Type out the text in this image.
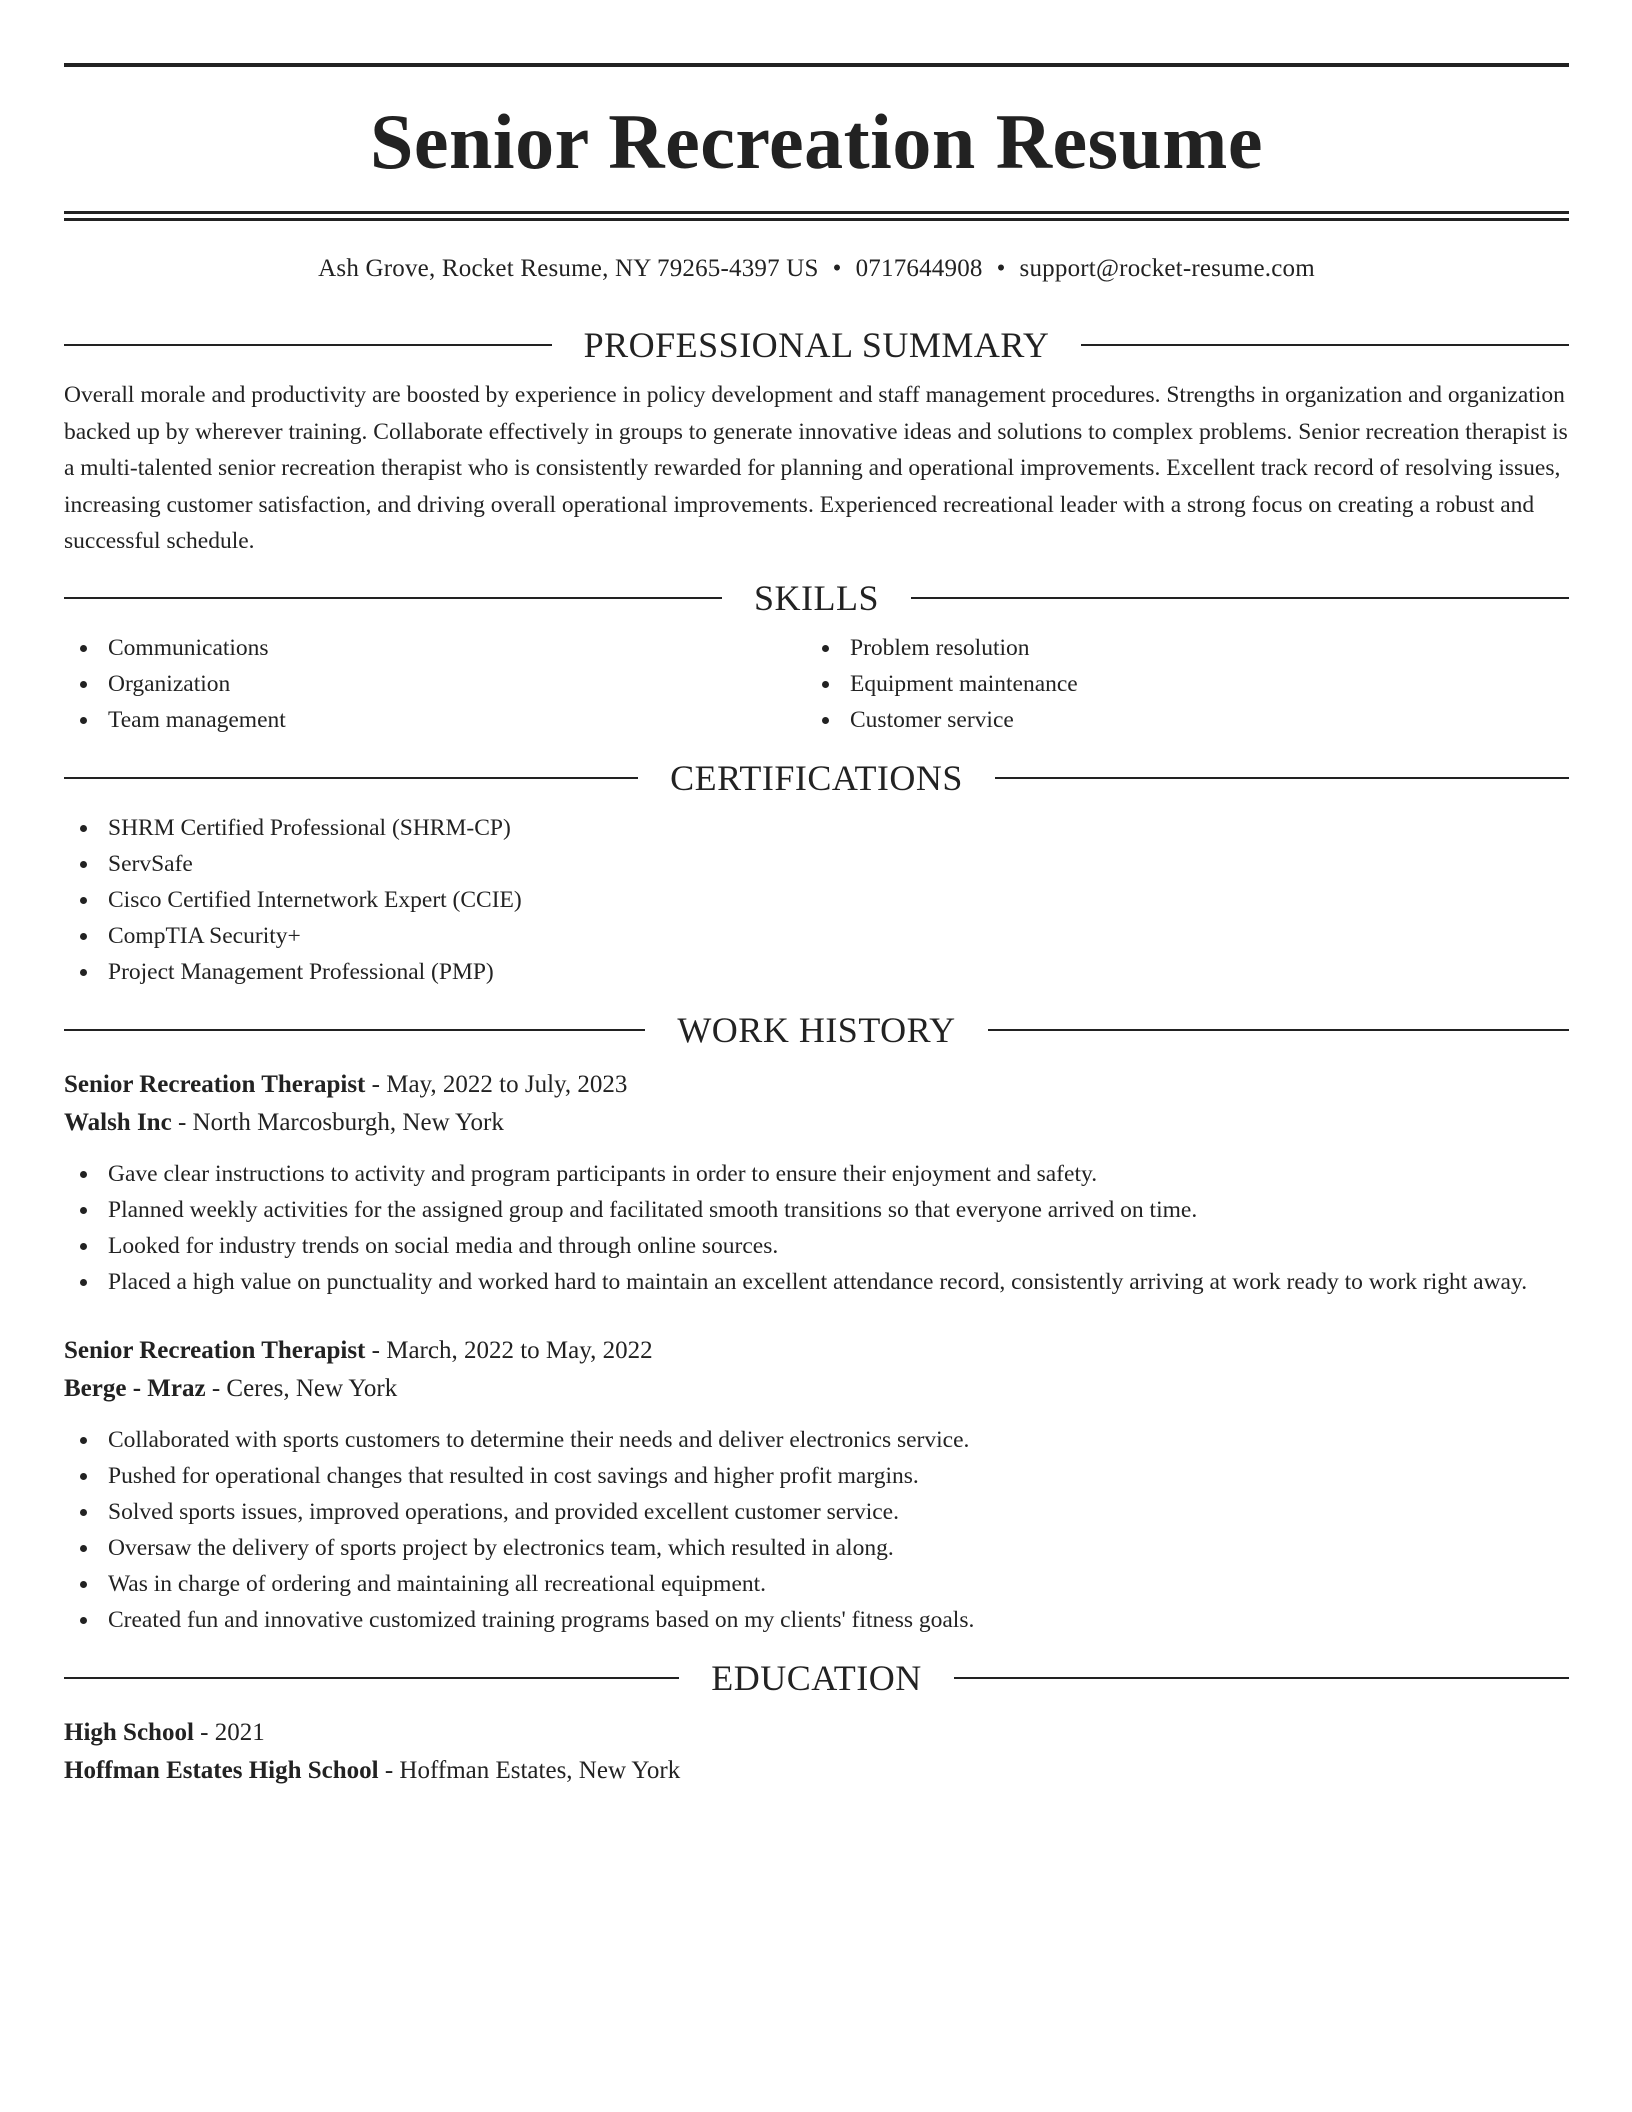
Senior Recreation Resume
Ash Grove, Rocket Resume, NY 79265-4397 US • 0717644908 • support@rocket-resume.com
PROFESSIONAL SUMMARY

Overall morale and productivity are boosted by experience in policy development and staff management procedures. Strengths in organization and organization backed up by wherever training. Collaborate effectively in groups to generate innovative ideas and solutions to complex problems. Senior recreation therapist is a multi-talented senior recreation therapist who is consistently rewarded for planning and operational improvements. Excellent track record of resolving issues, increasing customer satisfaction, and driving overall operational improvements. Experienced recreational leader with a strong focus on creating a robust and successful schedule.

SKILLS
Communications
Organization
Team management
Problem resolution
Equipment maintenance
Customer service
CERTIFICATIONS
SHRM Certified Professional (SHRM-CP)
ServSafe
Cisco Certified Internetwork Expert (CCIE)
CompTIA Security+
Project Management Professional (PMP)
WORK HISTORY

Senior Recreation Therapist - May, 2022 to July, 2023

Walsh Inc - North Marcosburgh, New York

Gave clear instructions to activity and program participants in order to ensure their enjoyment and safety.
Planned weekly activities for the assigned group and facilitated smooth transitions so that everyone arrived on time.
Looked for industry trends on social media and through online sources.
Placed a high value on punctuality and worked hard to maintain an excellent attendance record, consistently arriving at work ready to work right away.

Senior Recreation Therapist - March, 2022 to May, 2022

Berge - Mraz - Ceres, New York

Collaborated with sports customers to determine their needs and deliver electronics service.
Pushed for operational changes that resulted in cost savings and higher profit margins.
Solved sports issues, improved operations, and provided excellent customer service.
Oversaw the delivery of sports project by electronics team, which resulted in along.
Was in charge of ordering and maintaining all recreational equipment.
Created fun and innovative customized training programs based on my clients' fitness goals.
EDUCATION

High School - 2021

Hoffman Estates High School - Hoffman Estates, New York
